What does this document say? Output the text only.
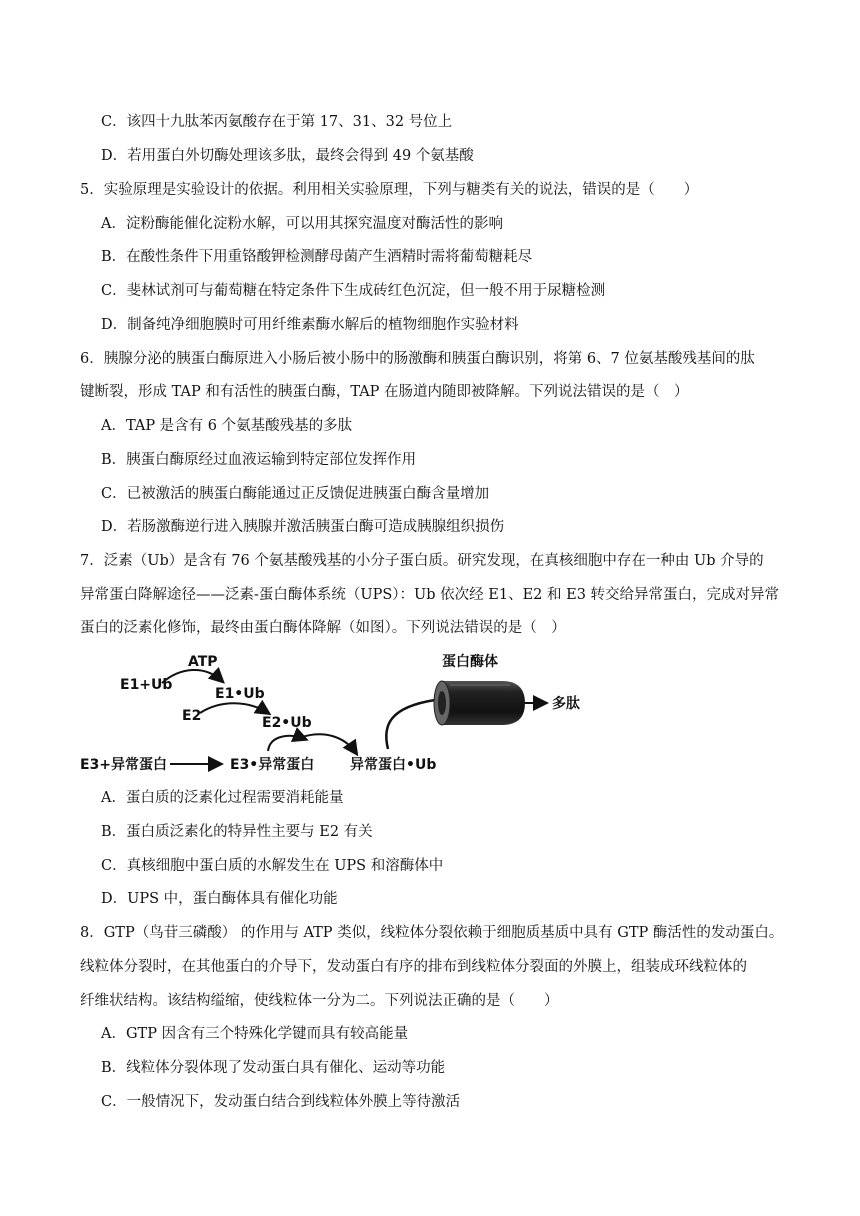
C．该四十九肽苯丙氨酸存在于第 17、31、32 号位上
D．若用蛋白外切酶处理该多肽，最终会得到 49 个氨基酸
5．实验原理是实验设计的依据。利用相关实验原理，下列与糖类有关的说法，错误的是（　　）
A．淀粉酶能催化淀粉水解，可以用其探究温度对酶活性的影响
B．在酸性条件下用重铬酸钾检测酵母菌产生酒精时需将葡萄糖耗尽
C．斐林试剂可与葡萄糖在特定条件下生成砖红色沉淀，但一般不用于尿糖检测
D．制备纯净细胞膜时可用纤维素酶水解后的植物细胞作实验材料
6．胰腺分泌的胰蛋白酶原进入小肠后被小肠中的肠激酶和胰蛋白酶识别，将第 6、7 位氨基酸残基间的肽
键断裂，形成 TAP 和有活性的胰蛋白酶，TAP 在肠道内随即被降解。下列说法错误的是（　）
A．TAP 是含有 6 个氨基酸残基的多肽
B．胰蛋白酶原经过血液运输到特定部位发挥作用
C．已被激活的胰蛋白酶能通过正反馈促进胰蛋白酶含量增加
D．若肠激酶逆行进入胰腺并激活胰蛋白酶可造成胰腺组织损伤
7．泛素（Ub）是含有 76 个氨基酸残基的小分子蛋白质。研究发现，在真核细胞中存在一种由 Ub 介导的
异常蛋白降解途径——泛素-蛋白酶体系统（UPS）：Ub 依次经 E1、E2 和 E3 转交给异常蛋白，完成对异常
蛋白的泛素化修饰，最终由蛋白酶体降解（如图）。下列说法错误的是（　）
ATP
E1+Ub
E1•Ub
E2	E2•Ub
E3+异常蛋白	E3•异常蛋白	异常蛋白•Ub
蛋白酶体
多肽
A．蛋白质的泛素化过程需要消耗能量
B．蛋白质泛素化的特异性主要与 E2 有关
C．真核细胞中蛋白质的水解发生在 UPS 和溶酶体中
D．UPS 中，蛋白酶体具有催化功能
8．GTP（鸟苷三磷酸） 的作用与 ATP 类似，线粒体分裂依赖于细胞质基质中具有 GTP 酶活性的发动蛋白。
线粒体分裂时，在其他蛋白的介导下，发动蛋白有序的排布到线粒体分裂面的外膜上，组装成环线粒体的
纤维状结构。该结构缢缩，使线粒体一分为二。下列说法正确的是（　　）
A．GTP 因含有三个特殊化学键而具有较高能量
B．线粒体分裂体现了发动蛋白具有催化、运动等功能
C．一般情况下，发动蛋白结合到线粒体外膜上等待激活
